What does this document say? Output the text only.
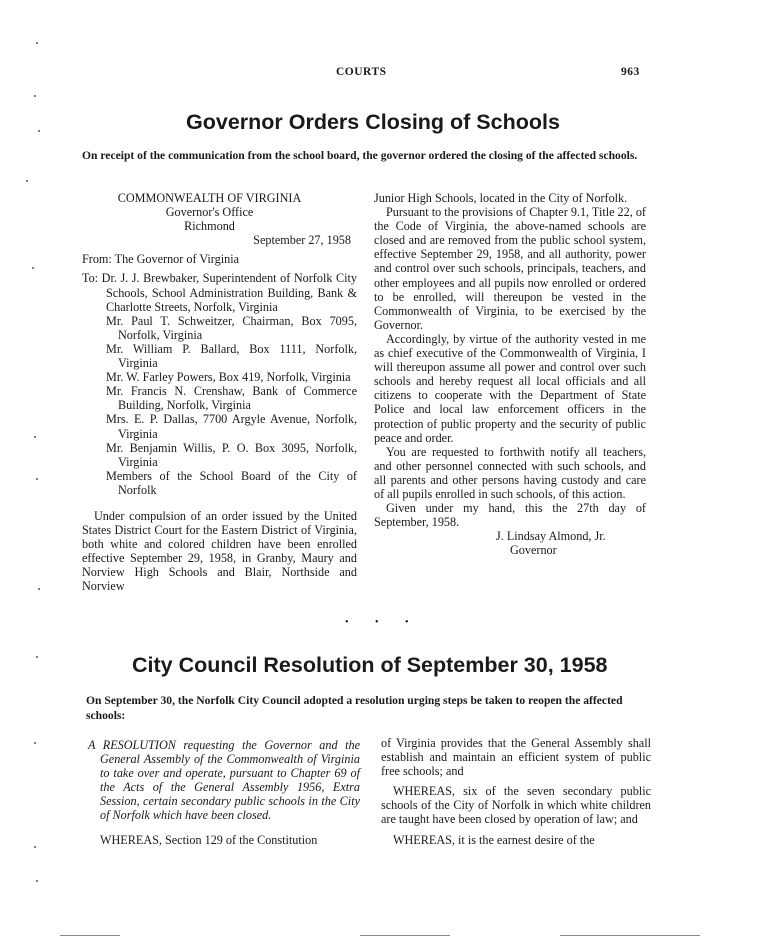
COURTS	963
Governor Orders Closing of Schools
On receipt of the communication from the school board, the governor ordered the closing of the affected schools.

COMMONWEALTH OF VIRGINIA

Governor's Office

Richmond

September 27, 1958

From: The Governor of Virginia

To: Dr. J. J. Brewbaker, Superintendent of Norfolk City Schools, School Administration Building, Bank & Charlotte Streets, Norfolk, Virginia

Mr. Paul T. Schweitzer, Chairman, Box 7095, Norfolk, Virginia

Mr. William P. Ballard, Box 1111, Norfolk, Virginia

Mr. W. Farley Powers, Box 419, Norfolk, Virginia

Mr. Francis N. Crenshaw, Bank of Commerce Building, Norfolk, Virginia

Mrs. E. P. Dallas, 7700 Argyle Avenue, Norfolk, Virginia

Mr. Benjamin Willis, P. O. Box 3095, Norfolk, Virginia

Members of the School Board of the City of Norfolk

Under compulsion of an order issued by the United States District Court for the Eastern District of Virginia, both white and colored children have been enrolled effective September 29, 1958, in Granby, Maury and Norview High Schools and Blair, Northside and Norview

Junior High Schools, located in the City of Norfolk.

Pursuant to the provisions of Chapter 9.1, Title 22, of the Code of Virginia, the above-named schools are closed and are removed from the public school system, effective September 29, 1958, and all authority, power and control over such schools, principals, teachers, and other employees and all pupils now enrolled or ordered to be enrolled, will thereupon be vested in the Commonwealth of Virginia, to be exercised by the Governor.

Accordingly, by virtue of the authority vested in me as chief executive of the Commonwealth of Virginia, I will thereupon assume all power and control over such schools and hereby request all local officials and all citizens to cooperate with the Department of State Police and local law enforcement officers in the protection of public property and the security of public peace and order.

You are requested to forthwith notify all teachers, and other personnel connected with such schools, and all parents and other persons having custody and care of all pupils enrolled in such schools, of this action.

Given under my hand, this the 27th day of September, 1958.

J. Lindsay Almond, Jr.

Governor

• • •
City Council Resolution of September 30, 1958
On September 30, the Norfolk City Council adopted a resolution urging steps be taken to reopen the affected schools:

A RESOLUTION requesting the Governor and the General Assembly of the Commonwealth of Virginia to take over and operate, pursuant to Chapter 69 of the Acts of the General Assembly 1956, Extra Session, certain secondary public schools in the City of Norfolk which have been closed.

WHEREAS, Section 129 of the Constitution

of Virginia provides that the General Assembly shall establish and maintain an efficient system of public free schools; and

WHEREAS, six of the seven secondary public schools of the City of Norfolk in which white children are taught have been closed by operation of law; and

WHEREAS, it is the earnest desire of the
